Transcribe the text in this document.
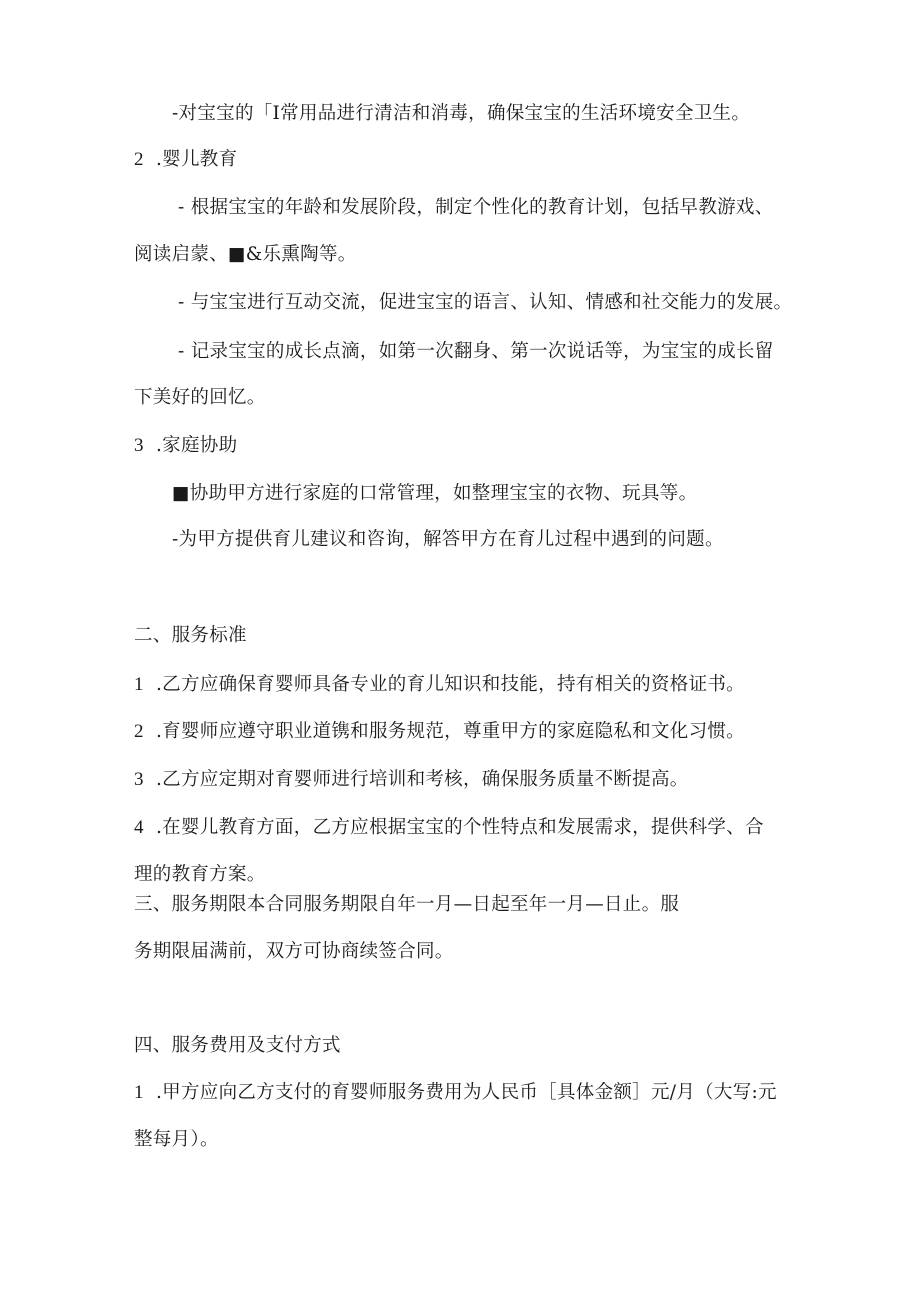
-对宝宝的「I常用品进行清洁和消毒，确保宝宝的生活环境安全卫生。
2 .婴儿教育
- 根据宝宝的年龄和发展阶段，制定个性化的教育计划，包括早教游戏、
阅读启蒙、■&乐熏陶等。
- 与宝宝进行互动交流，促进宝宝的语言、认知、情感和社交能力的发展。
- 记录宝宝的成长点滴，如第一次翻身、第一次说话等，为宝宝的成长留
下美好的回忆。
3 .家庭协助
■协助甲方进行家庭的口常管理，如整理宝宝的衣物、玩具等。
-为甲方提供育儿建议和咨询，解答甲方在育儿过程中遇到的问题。
二、服务标准
1 .乙方应确保育婴师具备专业的育儿知识和技能，持有相关的资格证书。
2 .育婴师应遵守职业道镌和服务规范，尊重甲方的家庭隐私和文化习惯。
3 .乙方应定期对育婴师进行培训和考核，确保服务质量不断提高。
4 .在婴儿教育方面，乙方应根据宝宝的个性特点和发展需求，提供科学、合
理的教育方案。
三、服务期限本合同服务期限自年一月—日起至年一月—日止。服
务期限届满前，双方可协商续签合同。
四、服务费用及支付方式
1 .甲方应向乙方支付的育婴师服务费用为人民币［具体金额］元/月（大写:元
整每月）。
